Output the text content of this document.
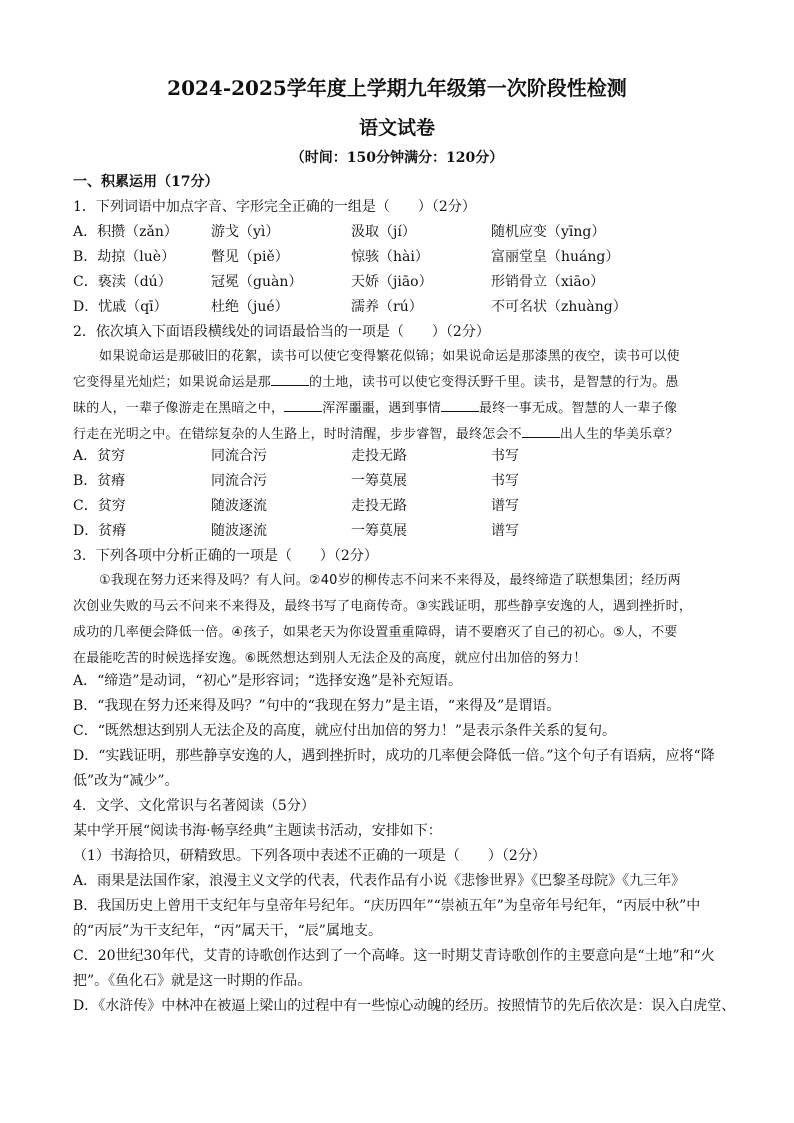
2024-2025学年度上学期九年级第一次阶段性检测
语文试卷
（时间：150分钟满分：120分）
一、积累运用（17分）
1．下列词语中加点字音、字形完全正确的一组是（　　）（2分）
A．积攒（zǎn） 游戈（yì）	汲取（jí）	随机应变（yīng）
B．劫掠（luè）	瞥见（piě）	惊骇（hài）	富丽堂皇（huáng）
C．亵渎（dú）	冠冕（guàn）	天娇（jiāo）	形销骨立（xiāo）
D．忧戚（qī）	杜绝（jué）	濡养（rú）	不可名状（zhuàng）
2．依次填入下面语段横线处的词语最恰当的一项是（　　）（2分）
如果说命运是那破旧的花絮，读书可以使它变得繁花似锦；如果说命运是那漆黑的夜空，读书可以使
它变得星光灿烂；如果说命运是那	的土地，读书可以使它变得沃野千里。读书，是智慧的行为。愚
昧的人，一辈子像游走在黑暗之中，	浑浑噩噩，遇到事情	最终一事无成。智慧的人一辈子像
行走在光明之中。在错综复杂的人生路上，时时清醒，步步睿智，最终怎会不	出人生的华美乐章？
A．贫穷	同流合污	走投无路	书写
B．贫瘠	同流合污	一筹莫展	书写
C．贫穷	随波逐流	走投无路	谱写
D．贫瘠	随波逐流	一筹莫展	谱写
3．下列各项中分析正确的一项是（　　）（2分）
①我现在努力还来得及吗？有人问。②40岁的柳传志不问来不来得及，最终缔造了联想集团；经历两
次创业失败的马云不问来不来得及，最终书写了电商传奇。③实践证明，那些静享安逸的人，遇到挫折时，
成功的几率便会降低一倍。④孩子，如果老天为你设置重重障碍，请不要磨灭了自己的初心。⑤人，不要
在最能吃苦的时候选择安逸。⑥既然想达到别人无法企及的高度，就应付出加倍的努力！
A．“缔造”是动词，“初心”是形容词；“选择安逸”是补充短语。
B．“我现在努力还来得及吗？”句中的“我现在努力”是主语，“来得及”是谓语。
C．“既然想达到别人无法企及的高度，就应付出加倍的努力！”是表示条件关系的复句。
D．“实践证明，那些静享安逸的人，遇到挫折时，成功的几率便会降低一倍。”这个句子有语病，应将“降
低”改为“减少”。
4．文学、文化常识与名著阅读（5分）
某中学开展“阅读书海·畅享经典”主题读书活动，安排如下：
（1）书海拾贝，研精致思。下列各项中表述不正确的一项是（　　）（2分）
A．雨果是法国作家，浪漫主义文学的代表，代表作品有小说《悲惨世界》《巴黎圣母院》《九三年》
B．我国历史上曾用干支纪年与皇帝年号纪年。“庆历四年”“崇祯五年”为皇帝年号纪年，“丙辰中秋”中
的“丙辰”为干支纪年，“丙”属天干，“辰”属地支。
C．20世纪30年代，艾青的诗歌创作达到了一个高峰。这一时期艾青诗歌创作的主要意向是“土地”和“火
把”。《鱼化石》就是这一时期的作品。
D．《水浒传》中林冲在被逼上梁山的过程中有一些惊心动魄的经历。按照情节的先后依次是：误入白虎堂、
